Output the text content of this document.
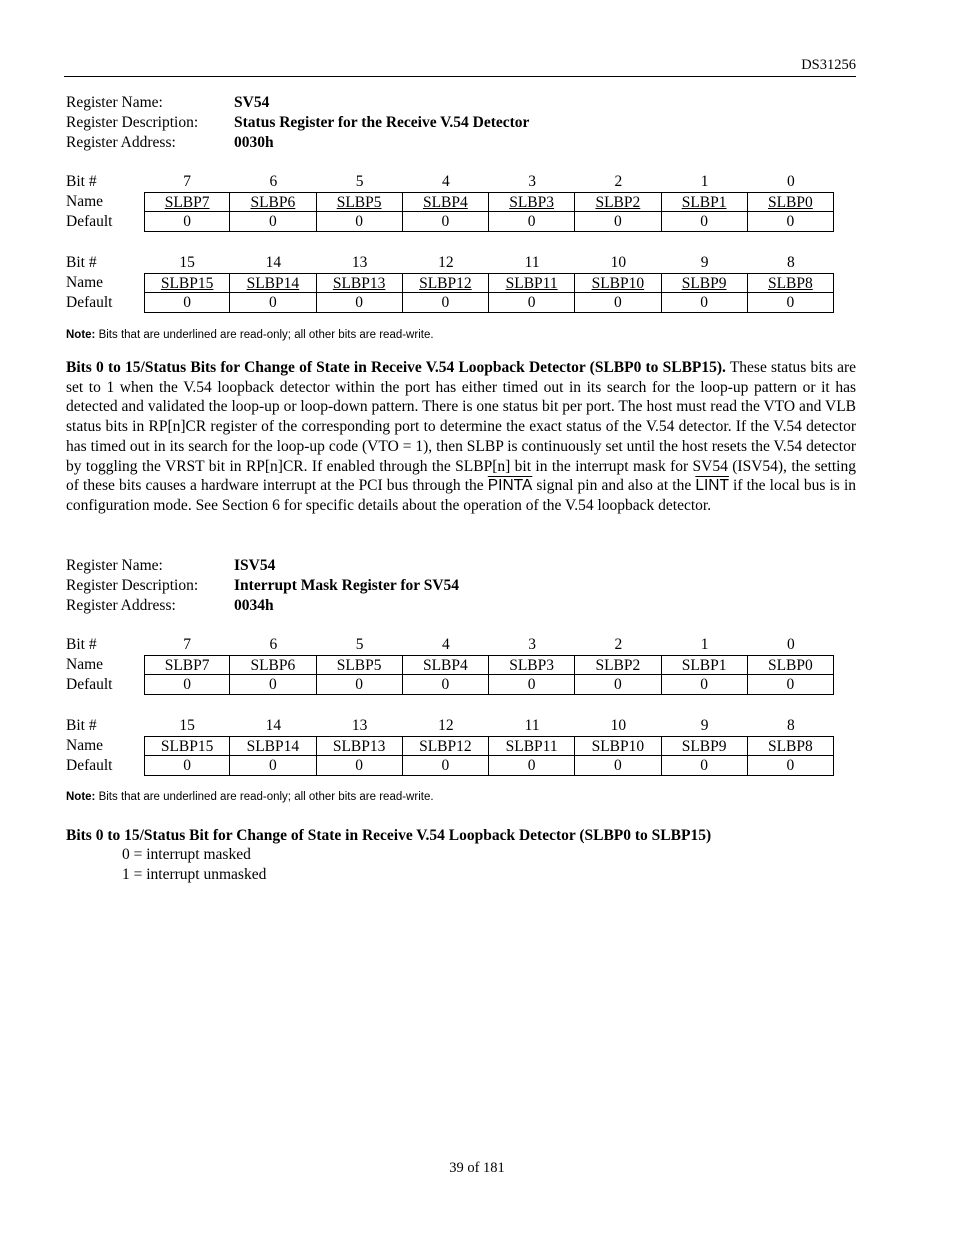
DS31256
Register Name:	SV54
Register Description: Status Register for the Receive V.54 Detector
Register Address:	0030h
Bit #	7	6	5	4	3	2	1	0
Name	SLBP7	SLBP6	SLBP5	SLBP4	SLBP3	SLBP2	SLBP1	SLBP0
Default	0	0	0	0	0	0	0	0
Bit #	15	14	13	12	11	10	9	8
Name	SLBP15	SLBP14	SLBP13	SLBP12	SLBP11	SLBP10	SLBP9	SLBP8
Default	0	0	0	0	0	0	0	0
Note: Bits that are underlined are read-only; all other bits are read-write.
Bits 0 to 15/Status Bits for Change of State in Receive V.54 Loopback Detector (SLBP0 to SLBP15). These status bits are set to 1 when the V.54 loopback detector within the port has either timed out in its search for the loop-up pattern or it has detected and validated the loop-up or loop-down pattern. There is one status bit per port. The host must read the VTO and VLB status bits in RP[n]CR register of the corresponding port to determine the exact status of the V.54 detector. If the V.54 detector has timed out in its search for the loop-up code (VTO = 1), then SLBP is continuously set until the host resets the V.54 detector by toggling the VRST bit in RP[n]CR. If enabled through the SLBP[n] bit in the interrupt mask for SV54 (ISV54), the setting of these bits causes a hardware interrupt at the PCI bus through the PINTA signal pin and also at the LINT if the local bus is in configuration mode. See Section 6 for specific details about the operation of the V.54 loopback detector.
Register Name:	ISV54
Register Description: Interrupt Mask Register for SV54
Register Address:	0034h
Bit #	7	6	5	4	3	2	1	0
Name	SLBP7	SLBP6	SLBP5	SLBP4	SLBP3	SLBP2	SLBP1	SLBP0
Default	0	0	0	0	0	0	0	0
Bit #	15	14	13	12	11	10	9	8
Name	SLBP15	SLBP14	SLBP13	SLBP12	SLBP11	SLBP10	SLBP9	SLBP8
Default	0	0	0	0	0	0	0	0
Note: Bits that are underlined are read-only; all other bits are read-write.
Bits 0 to 15/Status Bit for Change of State in Receive V.54 Loopback Detector (SLBP0 to SLBP15)
0 = interrupt masked
1 = interrupt unmasked
39 of 181
